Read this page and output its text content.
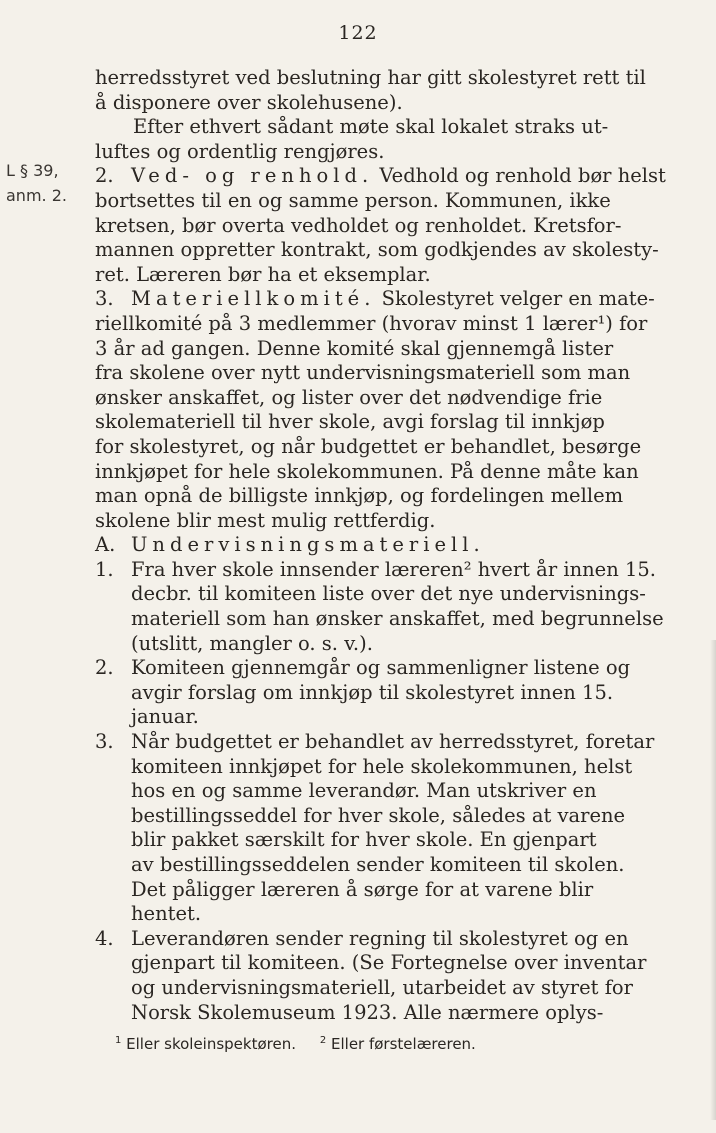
122
L § 39,
anm. 2.
herredsstyret ved beslutning har gitt skolestyret rett til
å disponere over skolehusene).
Efter ethvert sådant møte skal lokalet straks ut-
luftes og ordentlig rengjøres.
2. Ved- og renhold. Vedhold og renhold bør helst
bortsettes til en og samme person. Kommunen, ikke
kretsen, bør overta vedholdet og renholdet. Kretsfor-
mannen oppretter kontrakt, som godkjendes av skolesty-
ret. Læreren bør ha et eksemplar.
3. Materiellkomité. Skolestyret velger en mate-
riellkomité på 3 medlemmer (hvorav minst 1 lærer¹) for
3 år ad gangen. Denne komité skal gjennemgå lister
fra skolene over nytt undervisningsmateriell som man
ønsker anskaffet, og lister over det nødvendige frie
skolemateriell til hver skole, avgi forslag til innkjøp
for skolestyret, og når budgettet er behandlet, besørge
innkjøpet for hele skolekommunen. På denne måte kan
man opnå de billigste innkjøp, og fordelingen mellem
skolene blir mest mulig rettferdig.
A. Undervisningsmateriell.
1. Fra hver skole innsender læreren² hvert år innen 15.
decbr. til komiteen liste over det nye undervisnings-
materiell som han ønsker anskaffet, med begrunnelse
(utslitt, mangler o. s. v.).
2. Komiteen gjennemgår og sammenligner listene og
avgir forslag om innkjøp til skolestyret innen 15.
januar.
3. Når budgettet er behandlet av herredsstyret, foretar
komiteen innkjøpet for hele skolekommunen, helst
hos en og samme leverandør. Man utskriver en
bestillingsseddel for hver skole, således at varene
blir pakket særskilt for hver skole. En gjenpart
av bestillingsseddelen sender komiteen til skolen.
Det påligger læreren å sørge for at varene blir
hentet.
4. Leverandøren sender regning til skolestyret og en
gjenpart til komiteen. (Se Fortegnelse over inventar
og undervisningsmateriell, utarbeidet av styret for
Norsk Skolemuseum 1923. Alle nærmere oplys-
$^1$ Eller skoleinspektøren. $^2$ Eller førstelæreren.
